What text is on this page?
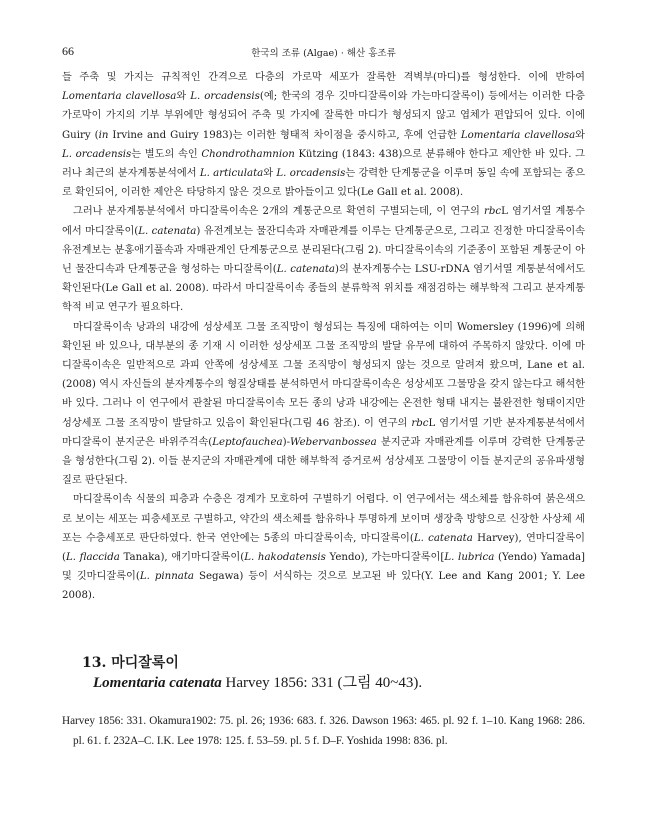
66	한국의 조류 (Algae) · 해산 홍조류

들 주축 및 가지는 규칙적인 간격으로 다층의 가로막 세포가 잘록한 격벽부(마디)를 형성한다. 이에 반하여 Lomentaria clavellosa와 L. orcadensis(예; 한국의 경우 깃마디잘록이와 가는마디잘록이) 등에서는 이러한 다층 가로막이 가지의 기부 부위에만 형성되어 주축 및 가지에 잘록한 마디가 형성되지 않고 엽체가 편압되어 있다. 이에 Guiry (in Irvine and Guiry 1983)는 이러한 형태적 차이점을 중시하고, 후에 언급한 Lomentaria clavellosa와 L. orcadensis는 별도의 속인 Chondrothamnion Kützing (1843: 438)으로 분류해야 한다고 제안한 바 있다. 그러나 최근의 분자계통분석에서 L. articulata와 L. orcadensis는 강력한 단계통군을 이루며 동일 속에 포함되는 종으로 확인되어, 이러한 제안은 타당하지 않은 것으로 밝아들이고 있다(Le Gall et al. 2008).

그러나 분자계통분석에서 마디잘록이속은 2개의 계통군으로 확연히 구별되는데, 이 연구의 rbcL 염기서열 계통수에서 마디잘록이(L. catenata) 유전계보는 물잔디속과 자매관계를 이루는 단계통군으로, 그리고 진정한 마디잘록이속 유전계보는 분홍애기풀속과 자매관계인 단계통군으로 분리된다(그림 2). 마디잘록이속의 기준종이 포함된 계통군이 아닌 물잔디속과 단계통군을 형성하는 마디잘록이(L. catenata)의 분자계통수는 LSU-rDNA 염기서열 계통분석에서도 확인된다(Le Gall et al. 2008). 따라서 마디잘록이속 종들의 분류학적 위치를 재점검하는 해부학적 그리고 분자계통학적 비교 연구가 필요하다.

마디잘록이속 낭과의 내강에 성상세포 그물 조직망이 형성되는 특징에 대하여는 이미 Womersley (1996)에 의해 확인된 바 있으나, 대부분의 종 기재 시 이러한 성상세포 그물 조직망의 발달 유무에 대하여 주목하지 않았다. 이에 마디잘록이속은 일반적으로 과피 안쪽에 성상세포 그물 조직망이 형성되지 않는 것으로 알려져 왔으며, Lane et al. (2008) 역시 자신들의 분자계통수의 형질상태를 분석하면서 마디잘록이속은 성상세포 그물망을 갖지 않는다고 해석한 바 있다. 그러나 이 연구에서 관찰된 마디잘록이속 모든 종의 낭과 내강에는 온전한 형태 내지는 불완전한 형태이지만 성상세포 그물 조직망이 발달하고 있음이 확인된다(그림 46 참조). 이 연구의 rbcL 염기서열 기반 분자계통분석에서 마디잘록이 분지군은 바위주걱속(Leptofauchea)-Webervanbossea 분지군과 자매관계를 이루며 강력한 단계통군을 형성한다(그림 2). 이들 분지군의 자매관계에 대한 해부학적 증거로써 성상세포 그물망이 이들 분지군의 공유파생형질로 판단된다.

마디잘록이속 식물의 피층과 수층은 경계가 모호하여 구별하기 어렵다. 이 연구에서는 색소체를 함유하여 붉은색으로 보이는 세포는 피층세포로 구별하고, 약간의 색소체를 함유하나 투명하게 보이며 생장축 방향으로 신장한 사상체 세포는 수층세포로 판단하였다. 한국 연안에는 5종의 마디잘록이속, 마디잘록이(L. catenata Harvey), 연마디잘록이(L. flaccida Tanaka), 애기마디잘록이(L. hakodatensis Yendo), 가는마디잘록이[L. lubrica (Yendo) Yamada] 및 깃마디잘록이(L. pinnata Segawa) 등이 서식하는 것으로 보고된 바 있다(Y. Lee and Kang 2001; Y. Lee 2008).

13. 마디잘록이
Lomentaria catenata Harvey 1856: 331 (그림 40~43).

Harvey 1856: 331. Okamura1902: 75. pl. 26; 1936: 683. f. 326. Dawson 1963: 465. pl. 92 f. 1–10. Kang 1968: 286. pl. 61. f. 232A–C. I.K. Lee 1978: 125. f. 53–59. pl. 5 f. D–F. Yoshida 1998: 836. pl.
